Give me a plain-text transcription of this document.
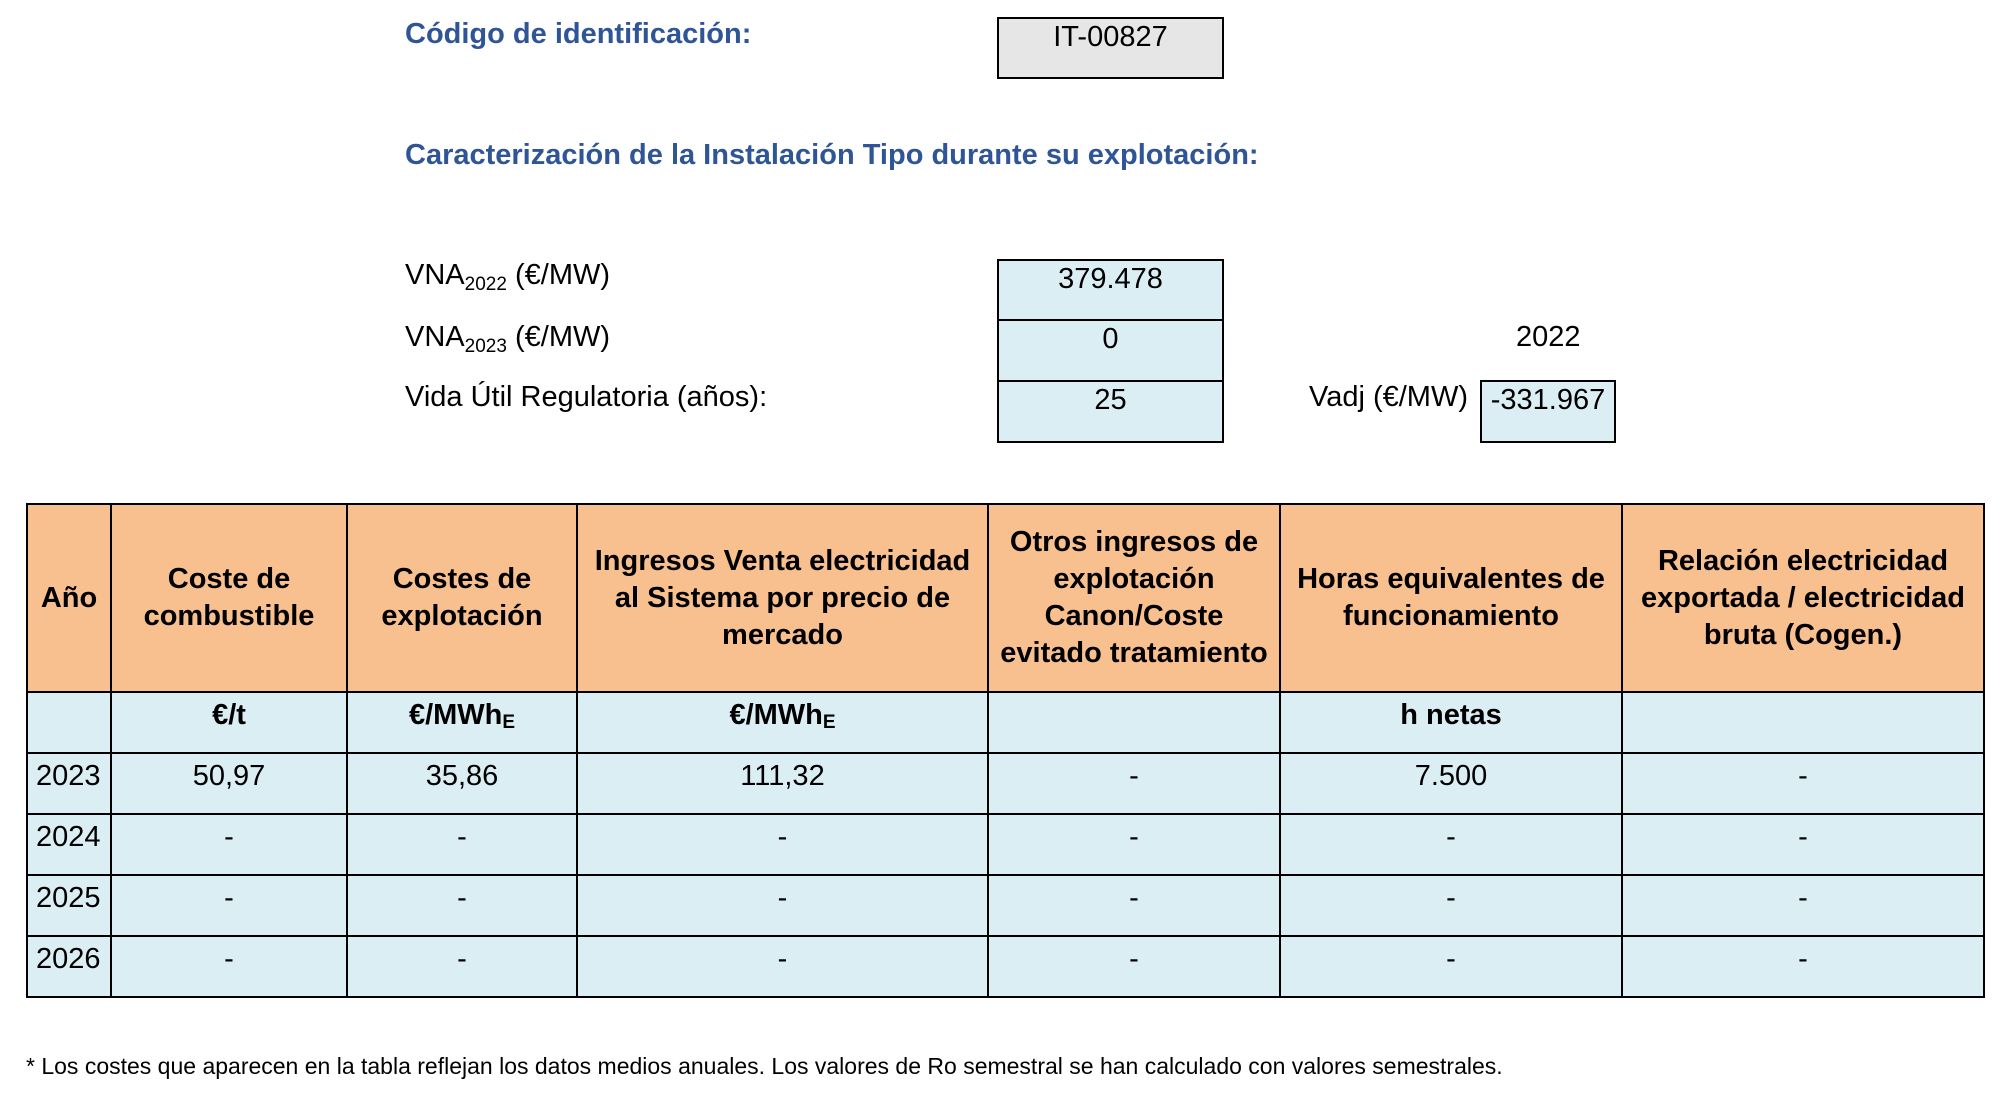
Código de identificación:	IT-00827
Caracterización de la Instalación Tipo durante su explotación:
$VNA_{2022}$ (€/MW)	379.478
$VNA_{2023}$ (€/MW)	0	2022
Vida Útil Regulatoria (años):	25	Vadj (€/MW) -331.967
Año	Coste de combustible	Costes de explotación	Ingresos Venta electricidad al Sistema por precio de mercado	Otros ingresos de explotación Canon/Coste evitado tratamiento	Horas equivalentes de funcionamiento	Relación electricidad exportada / electricidad bruta (Cogen.)
	€/t	€/MWhE	€/MWhE		h netas	
2023	50,97	35,86	111,32	-	7.500	-
2024	-	-	-	-	-	-
2025	-	-	-	-	-	-
2026	-	-	-	-	-	-
* Los costes que aparecen en la tabla reflejan los datos medios anuales. Los valores de Ro semestral se han calculado con valores semestrales.
